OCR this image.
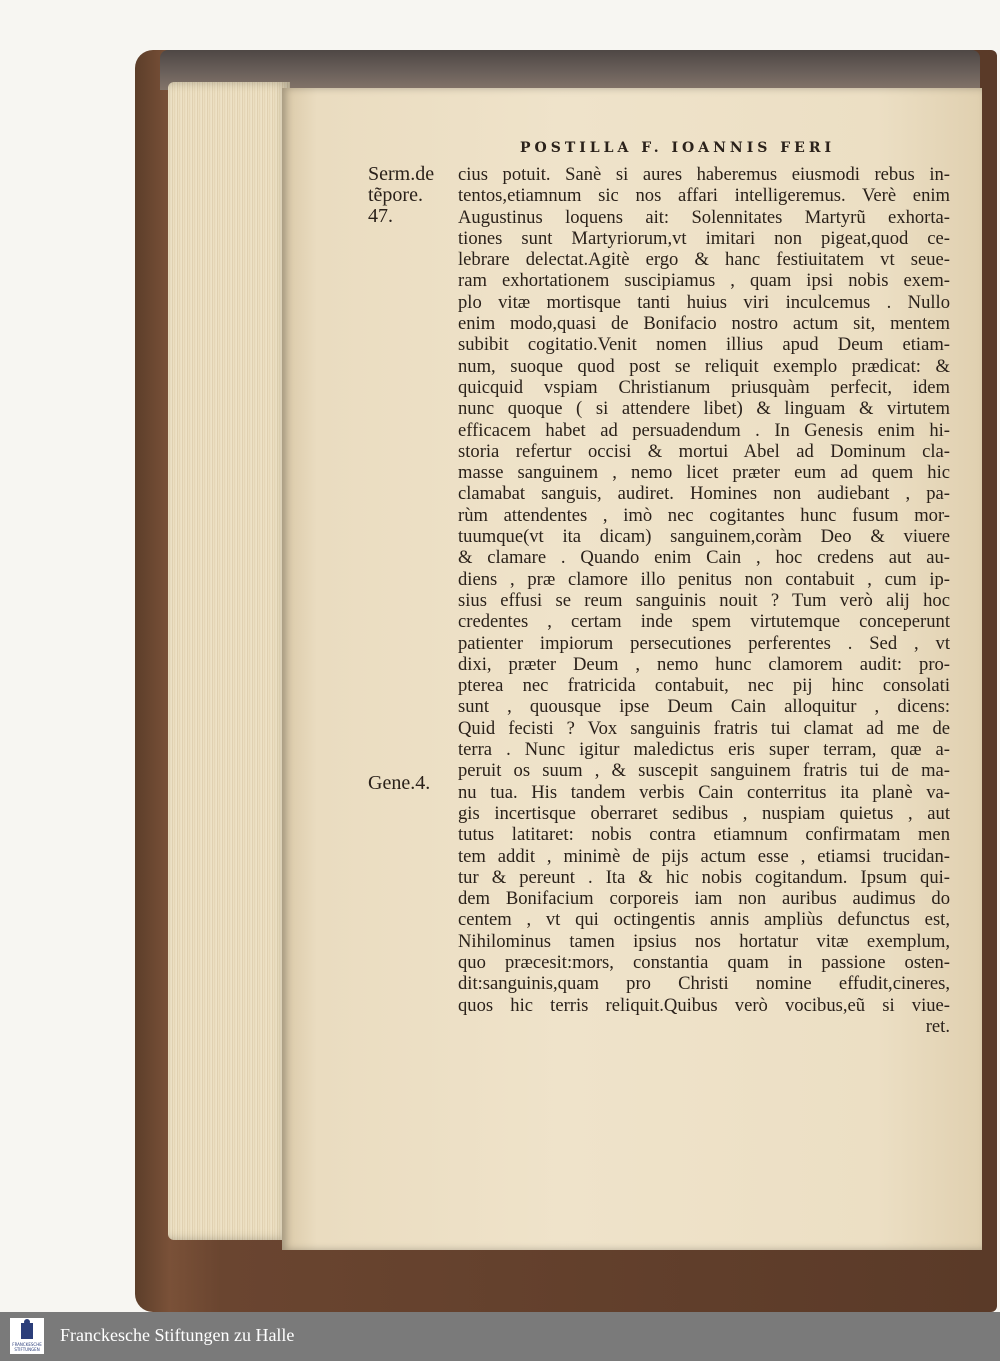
POSTILLA F. IOANNIS FERI
Serm.de
tẽpore.
47.
Gene.4.
cius potuit. Sanè si aures haberemus eiusmodi rebus in-
tentos,etiamnum sic nos affari intelligeremus. Verè enim
Augustinus loquens ait: Solennitates Martyrũ exhorta-
tiones sunt Martyriorum,vt imitari non pigeat,quod ce-
lebrare delectat.Agitè ergo & hanc festiuitatem vt seue-
ram exhortationem suscipiamus , quam ipsi nobis exem-
plo vitæ mortisque tanti huius viri inculcemus . Nullo
enim modo,quasi de Bonifacio nostro actum sit, mentem
subibit cogitatio.Venit nomen illius apud Deum etiam-
num, suoque quod post se reliquit exemplo prædicat: &
quicquid vspiam Christianum priusquàm perfecit, idem
nunc quoque ( si attendere libet) & linguam & virtutem
efficacem habet ad persuadendum . In Genesis enim hi-
storia refertur occisi & mortui Abel ad Dominum cla-
masse sanguinem , nemo licet præter eum ad quem hic
clamabat sanguis, audiret. Homines non audiebant , pa-
rùm attendentes , imò nec cogitantes hunc fusum mor-
tuumque(vt ita dicam) sanguinem,coràm Deo & viuere
& clamare . Quando enim Cain , hoc credens aut au-
diens , præ clamore illo penitus non contabuit , cum ip-
sius effusi se reum sanguinis nouit ? Tum verò alij hoc
credentes , certam inde spem virtutemque conceperunt
patienter impiorum persecutiones perferentes . Sed , vt
dixi, præter Deum , nemo hunc clamorem audit: pro-
pterea nec fratricida contabuit, nec pij hinc consolati
sunt , quousque ipse Deum Cain alloquitur , dicens:
Quid fecisti ? Vox sanguinis fratris tui clamat ad me de
terra . Nunc igitur maledictus eris super terram, quæ a-
peruit os suum , & suscepit sanguinem fratris tui de ma-
nu tua. His tandem verbis Cain conterritus ita planè va-
gis incertisque oberraret sedibus , nuspiam quietus , aut
tutus latitaret: nobis contra etiamnum confirmatam men
tem addit , minimè de pijs actum esse , etiamsi trucidan-
tur & pereunt . Ita & hic nobis cogitandum. Ipsum qui-
dem Bonifacium corporeis iam non auribus audimus do
centem , vt qui octingentis annis ampliùs defunctus est,
Nihilominus tamen ipsius nos hortatur vitæ exemplum,
quo præcesit:mors, constantia quam in passione osten-
dit:sanguinis,quam pro Christi nomine effudit,cineres,
quos hic terris reliquit.Quibus verò vocibus,eũ si viue-
ret.
FRANCKESCHE STIFTUNGEN
Franckesche Stiftungen zu Halle
